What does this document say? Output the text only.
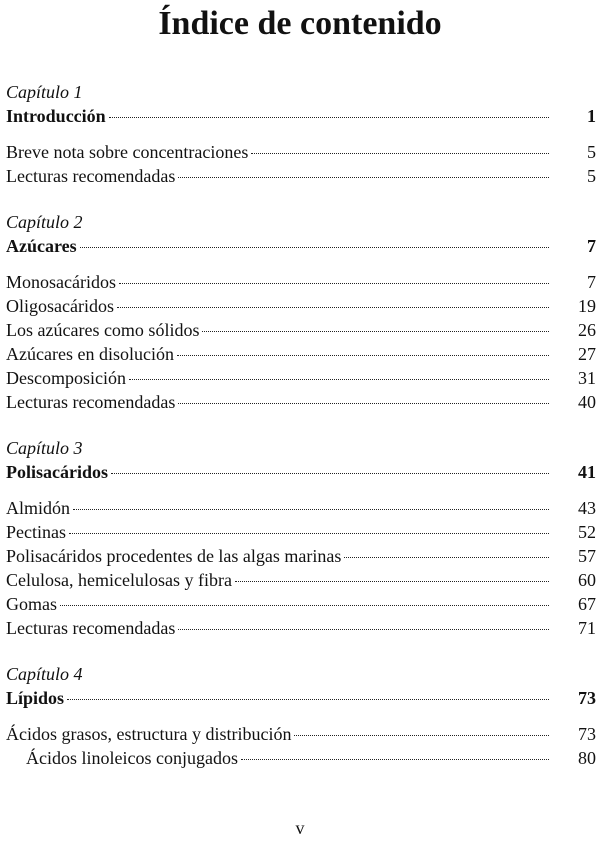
Índice de contenido
Capítulo 1
Introducción	1
Breve nota sobre concentraciones	5
Lecturas recomendadas	5
Capítulo 2
Azúcares	7
Monosacáridos	7
Oligosacáridos	19
Los azúcares como sólidos	26
Azúcares en disolución	27
Descomposición	31
Lecturas recomendadas	40
Capítulo 3
Polisacáridos	41
Almidón	43
Pectinas	52
Polisacáridos procedentes de las algas marinas	57
Celulosa, hemicelulosas y fibra	60
Gomas	67
Lecturas recomendadas	71
Capítulo 4
Lípidos	73
Ácidos grasos, estructura y distribución	73
Ácidos linoleicos conjugados	80
v
